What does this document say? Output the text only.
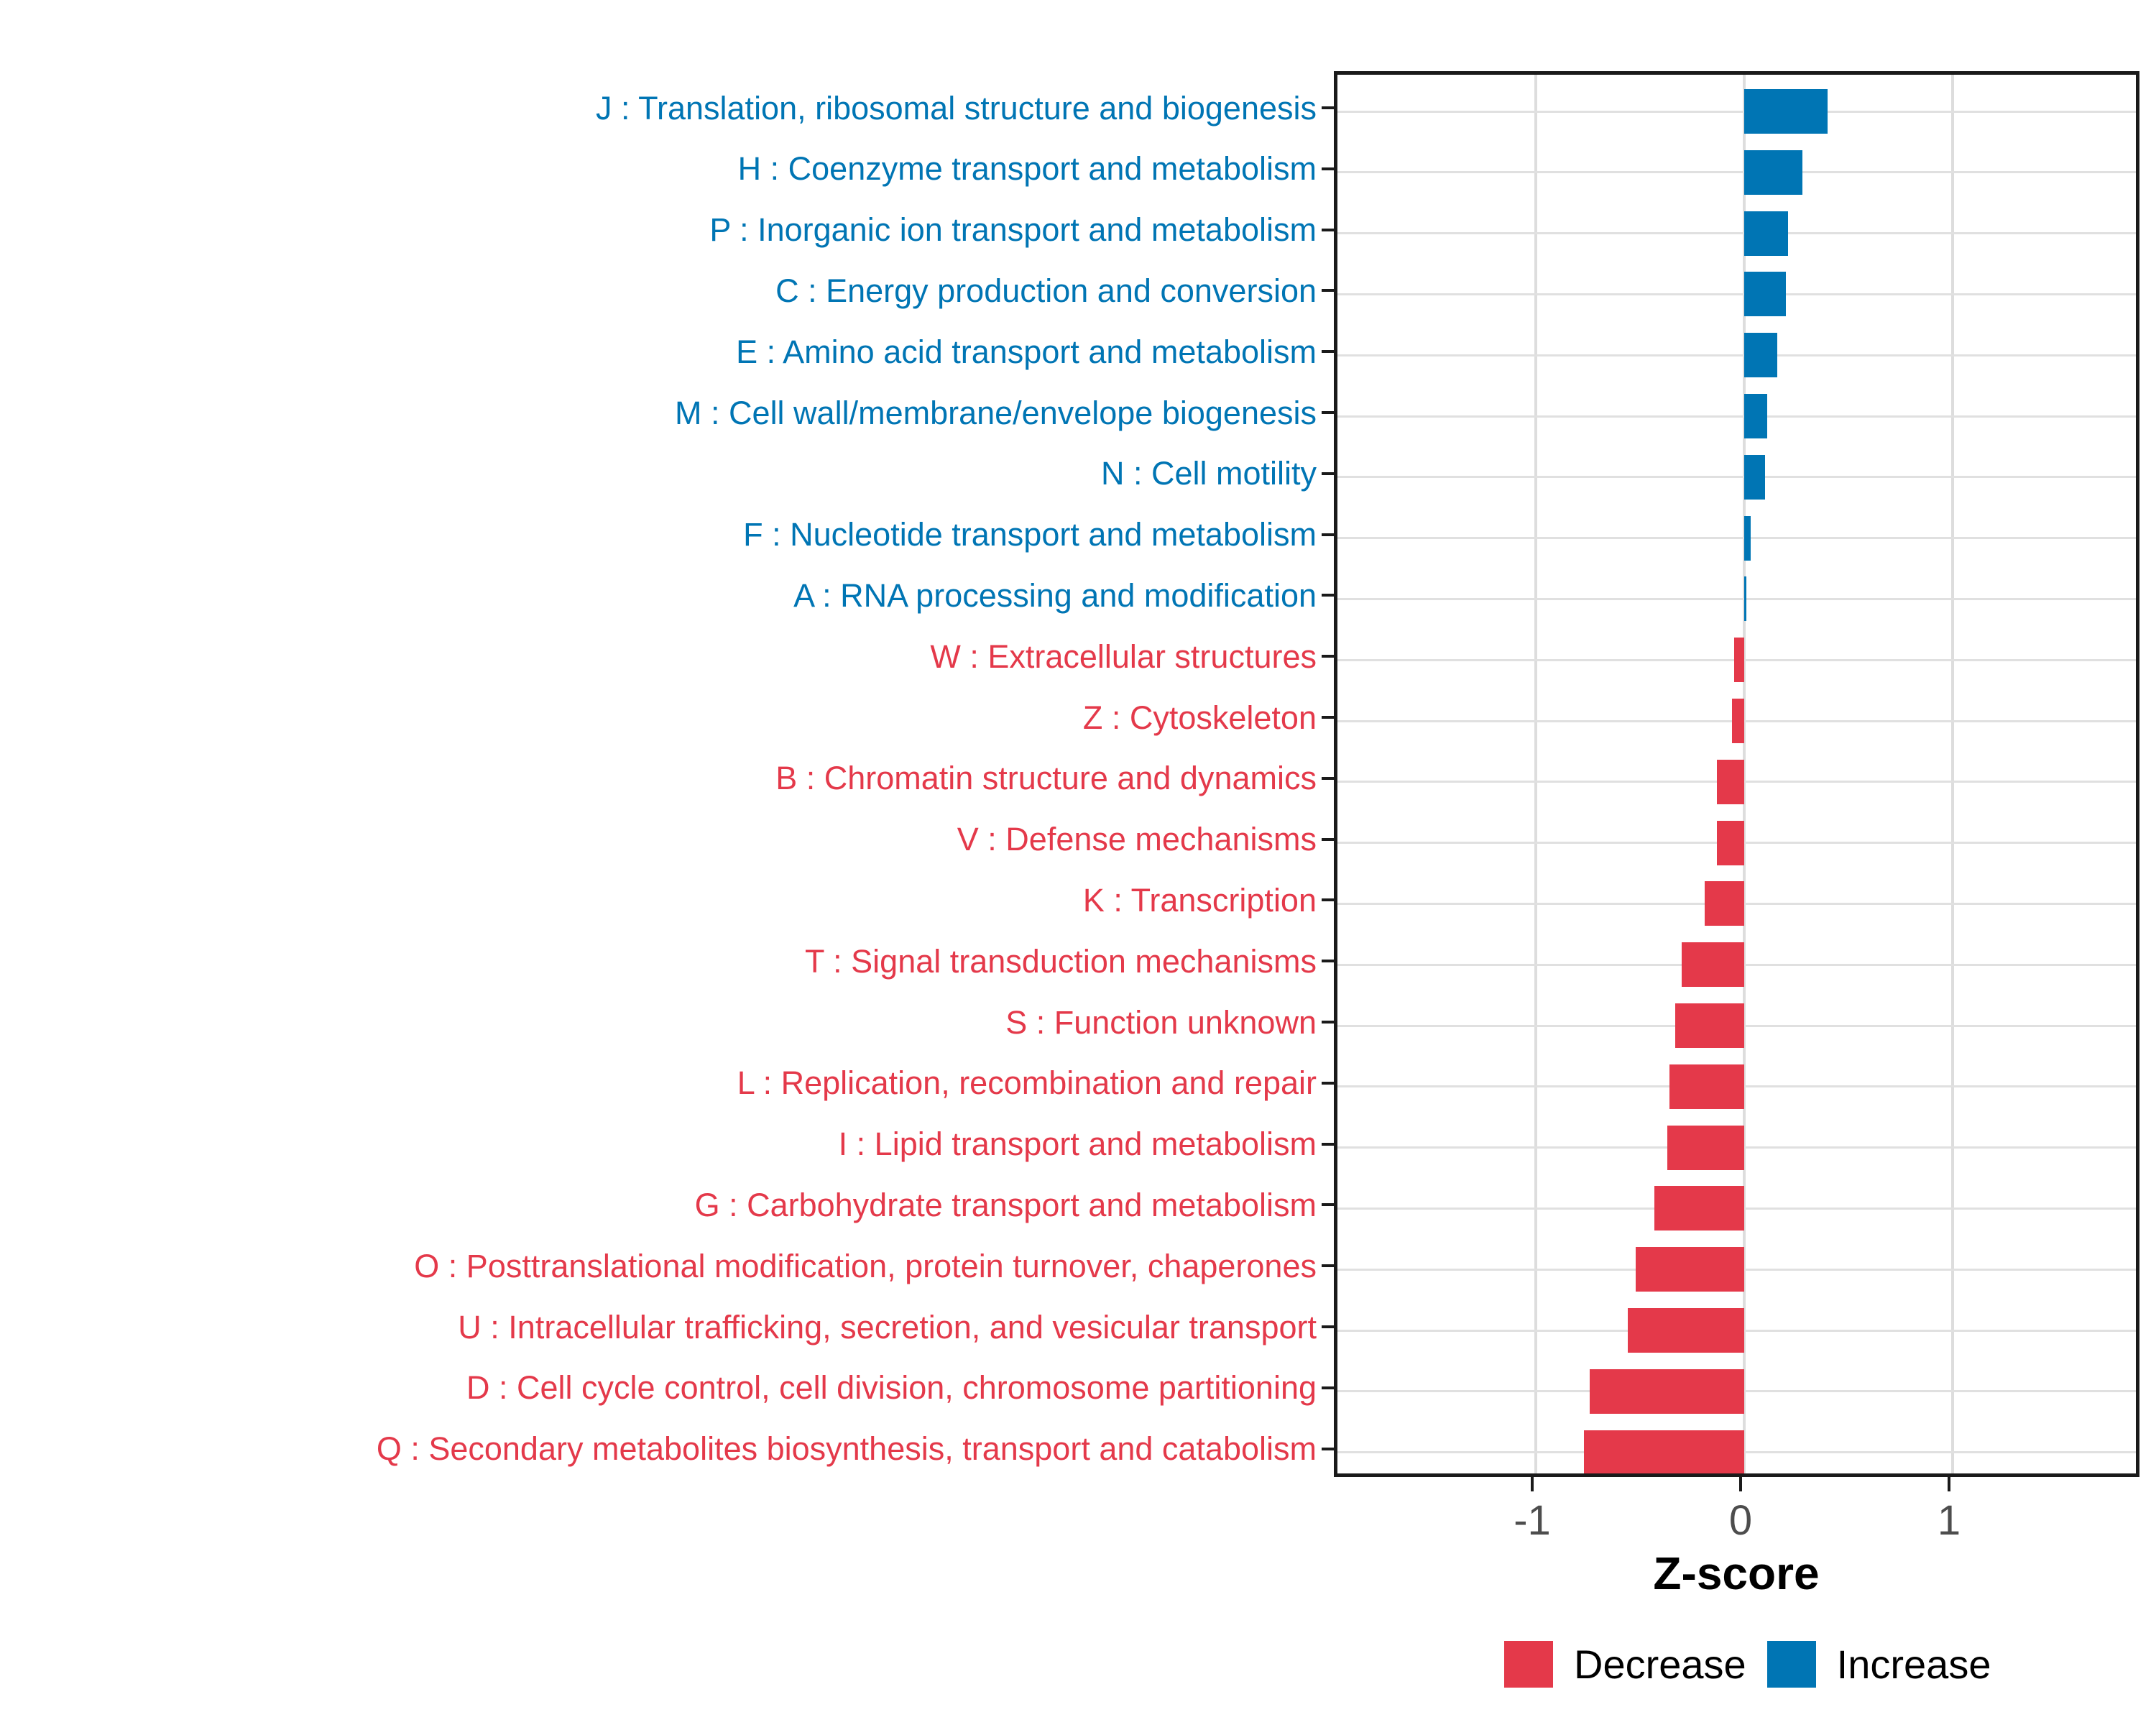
J : Translation, ribosomal structure and biogenesis
H : Coenzyme transport and metabolism
P : Inorganic ion transport and metabolism
C : Energy production and conversion
E : Amino acid transport and metabolism
M : Cell wall/membrane/envelope biogenesis
N : Cell motility
F : Nucleotide transport and metabolism
A : RNA processing and modification
W : Extracellular structures
Z : Cytoskeleton
B : Chromatin structure and dynamics
V : Defense mechanisms
K : Transcription
T : Signal transduction mechanisms
S : Function unknown
L : Replication, recombination and repair
I : Lipid transport and metabolism
G : Carbohydrate transport and metabolism
O : Posttranslational modification, protein turnover, chaperones
U : Intracellular trafficking, secretion, and vesicular transport
D : Cell cycle control, cell division, chromosome partitioning
Q : Secondary metabolites biosynthesis, transport and catabolism
-1	0	1
Z-score
Decrease Increase
